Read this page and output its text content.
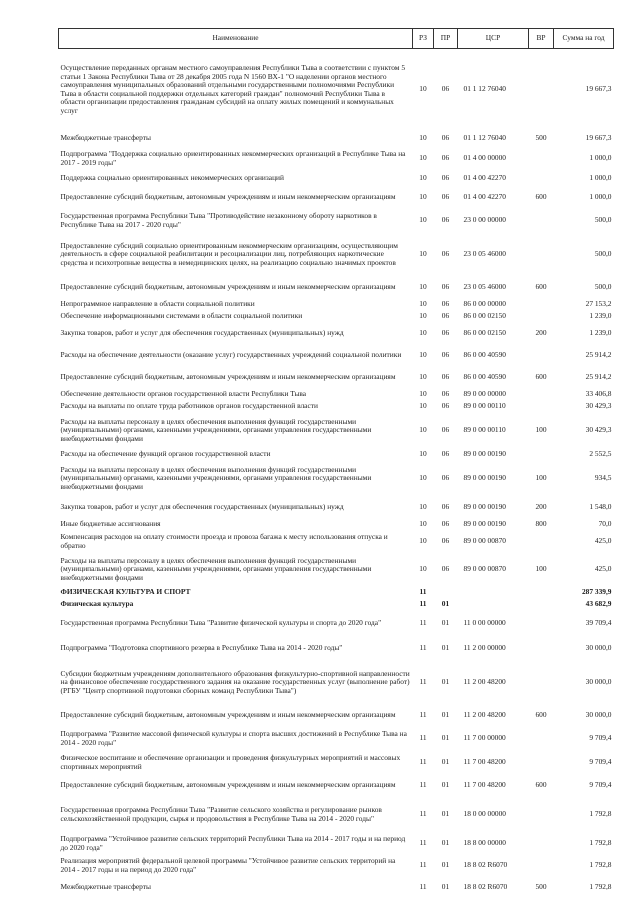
Наименование	РЗ	ПР	ЦСР	ВР	Сумма на год
Осуществление переданных органам местного самоуправления Республики Тыва в соответствии с пунктом 5 статьи 1 Закона Республики Тыва от 28 декабря 2005 года N 1560 ВХ-1 "О наделении органов местного самоуправления муниципальных образований отдельными государственными полномочиями Республики Тыва в области социальной поддержки отдельных категорий граждан" полномочий Республики Тыва в области организации предоставления гражданам субсидий на оплату жилых помещений и коммунальных услуг	10	06	01 1 12 76040		19 667,3
Межбюджетные трансферты	10	06	01 1 12 76040	500	19 667,3
Подпрограмма "Поддержка социально ориентированных некоммерческих организаций в Республике Тыва на 2017 - 2019 годы"	10	06	01 4 00 00000		1 000,0
Поддержка социально ориентированных некоммерческих организаций	10	06	01 4 00 42270		1 000,0
Предоставление субсидий бюджетным, автономным учреждениям и иным некоммерческим организациям	10	06	01 4 00 42270	600	1 000,0
Государственная программа Республики Тыва "Противодействие незаконному обороту наркотиков в Республике Тыва на 2017 - 2020 годы"	10	06	23 0 00 00000		500,0
Предоставление субсидий социально ориентированным некоммерческим организациям, осуществляющим деятельность в сфере социальной реабилитации и ресоциализации лиц, потребляющих наркотические средства и психотропные вещества в немедицинских целях, на реализацию социально значимых проектов	10	06	23 0 05 46000		500,0
Предоставление субсидий бюджетным, автономным учреждениям и иным некоммерческим организациям	10	06	23 0 05 46000	600	500,0
Непрограммное направление в области социальной политики	10	06	86 0 00 00000		27 153,2
Обеспечение информационными системами в области социальной политики	10	06	86 0 00 02150		1 239,0
Закупка товаров, работ и услуг для обеспечения государственных (муниципальных) нужд	10	06	86 0 00 02150	200	1 239,0
Расходы на обеспечение деятельности (оказание услуг) государственных учреждений социальной политики	10	06	86 0 00 40590		25 914,2
Предоставление субсидий бюджетным, автономным учреждениям и иным некоммерческим организациям	10	06	86 0 00 40590	600	25 914,2
Обеспечение деятельности органов государственной власти Республики Тыва	10	06	89 0 00 00000		33 406,8
Расходы на выплаты по оплате труда работников органов государственной власти	10	06	89 0 00 00110		30 429,3
Расходы на выплаты персоналу в целях обеспечения выполнения функций государственными (муниципальными) органами, казенными учреждениями, органами управления государственными внебюджетными фондами	10	06	89 0 00 00110	100	30 429,3
Расходы на обеспечение функций органов государственной власти	10	06	89 0 00 00190		2 552,5
Расходы на выплаты персоналу в целях обеспечения выполнения функций государственными (муниципальными) органами, казенными учреждениями, органами управления государственными внебюджетными фондами	10	06	89 0 00 00190	100	934,5
Закупка товаров, работ и услуг для обеспечения государственных (муниципальных) нужд	10	06	89 0 00 00190	200	1 548,0
Иные бюджетные ассигнования	10	06	89 0 00 00190	800	70,0
Компенсация расходов на оплату стоимости проезда и провоза багажа к месту использования отпуска и обратно	10	06	89 0 00 00870		425,0
Расходы на выплаты персоналу в целях обеспечения выполнения функций государственными (муниципальными) органами, казенными учреждениями, органами управления государственными внебюджетными фондами	10	06	89 0 00 00870	100	425,0
ФИЗИЧЕСКАЯ КУЛЬТУРА И СПОРТ	11				287 339,9
Физическая культура	11	01			43 682,9
Государственная программа Республики Тыва "Развитие физической культуры и спорта до 2020 года"	11	01	11 0 00 00000		39 709,4
Подпрограмма "Подготовка спортивного резерва в Республике Тыва на 2014 - 2020 годы"	11	01	11 2 00 00000		30 000,0
Субсидии бюджетным учреждениям дополнительного образования физкультурно-спортивной направленности на финансовое обеспечение государственного задания на оказание государственных услуг (выполнение работ) (РГБУ "Центр спортивной подготовки сборных команд Республики Тыва")	11	01	11 2 00 48200		30 000,0
Предоставление субсидий бюджетным, автономным учреждениям и иным некоммерческим организациям	11	01	11 2 00 48200	600	30 000,0
Подпрограмма "Развитие массовой физической культуры и спорта высших достижений в Республике Тыва на 2014 - 2020 годы"	11	01	11 7 00 00000		9 709,4
Физическое воспитание и обеспечение организации и проведения физкультурных мероприятий и массовых спортивных мероприятий	11	01	11 7 00 48200		9 709,4
Предоставление субсидий бюджетным, автономным учреждениям и иным некоммерческим организациям	11	01	11 7 00 48200	600	9 709,4
Государственная программа Республики Тыва "Развитие сельского хозяйства и регулирование рынков сельскохозяйственной продукции, сырья и продовольствия в Республике Тыва на 2014 - 2020 годы"	11	01	18 0 00 00000		1 792,8
Подпрограмма "Устойчивое развитие сельских территорий Республики Тыва на 2014 - 2017 годы и на период до 2020 года"	11	01	18 8 00 00000		1 792,8
Реализация мероприятий федеральной целевой программы "Устойчивое развитие сельских территорий на 2014 - 2017 годы и на период до 2020 года"	11	01	18 8 02 R6070		1 792,8
Межбюджетные трансферты	11	01	18 8 02 R6070	500	1 792,8
